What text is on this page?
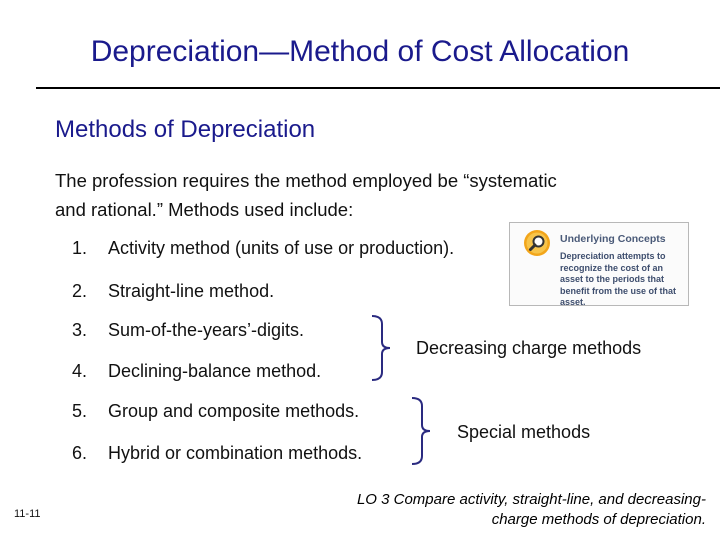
Depreciation—Method of Cost Allocation
Methods of Depreciation
The profession requires the method employed be “systematic
and rational.” Methods used include:
1. Activity method (units of use or production).
2. Straight-line method.
3. Sum-of-the-years’-digits.
4. Declining-balance method.
5. Group and composite methods.
6. Hybrid or combination methods.
Decreasing charge methods
Special methods
Underlying Concepts
Depreciation attempts to recognize the cost of an asset to the periods that benefit from the use of that asset.
11-11
LO 3 Compare activity, straight-line, and decreasing-
charge methods of depreciation.
